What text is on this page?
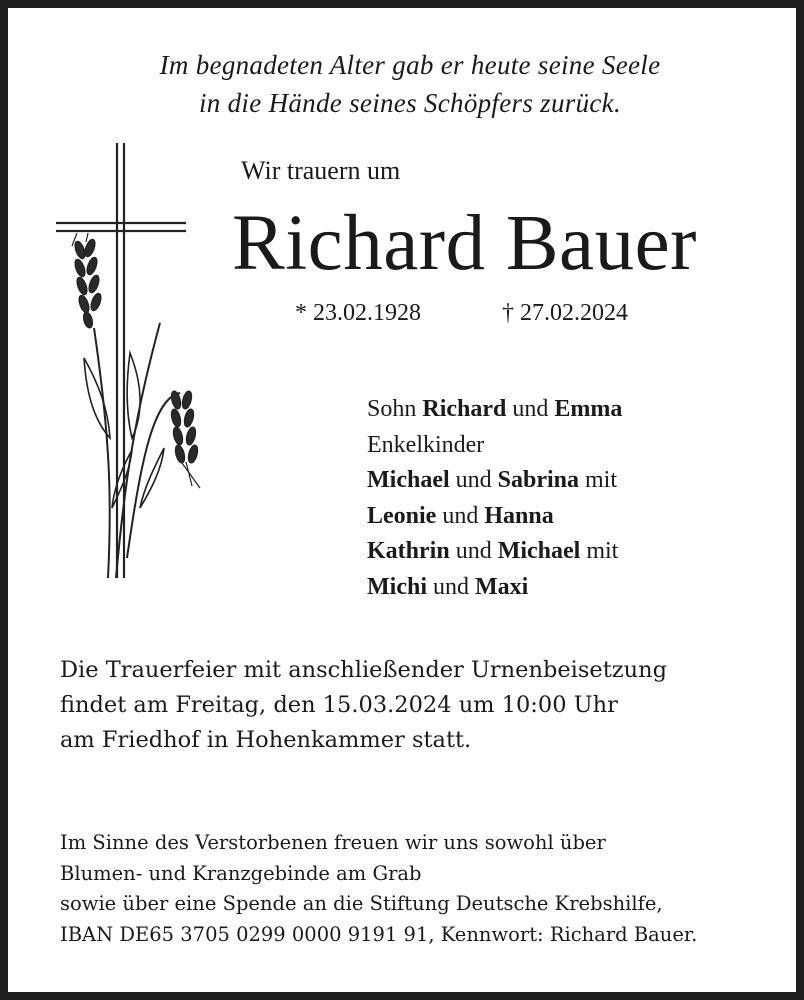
Im begnadeten Alter gab er heute seine Seele
in die Hände seines Schöpfers zurück.
Wir trauern um
Richard Bauer
* 23.02.1928	† 27.02.2024
Sohn Richard und Emma
Enkelkinder
Michael und Sabrina mit
Leonie und Hanna
Kathrin und Michael mit
Michi und Maxi
Die Trauerfeier mit anschließender Urnenbeisetzung
findet am Freitag, den 15.03.2024 um 10:00 Uhr
am Friedhof in Hohenkammer statt.
Im Sinne des Verstorbenen freuen wir uns sowohl über
Blumen- und Kranzgebinde am Grab
sowie über eine Spende an die Stiftung Deutsche Krebshilfe,
IBAN DE65 3705 0299 0000 9191 91, Kennwort: Richard Bauer.
